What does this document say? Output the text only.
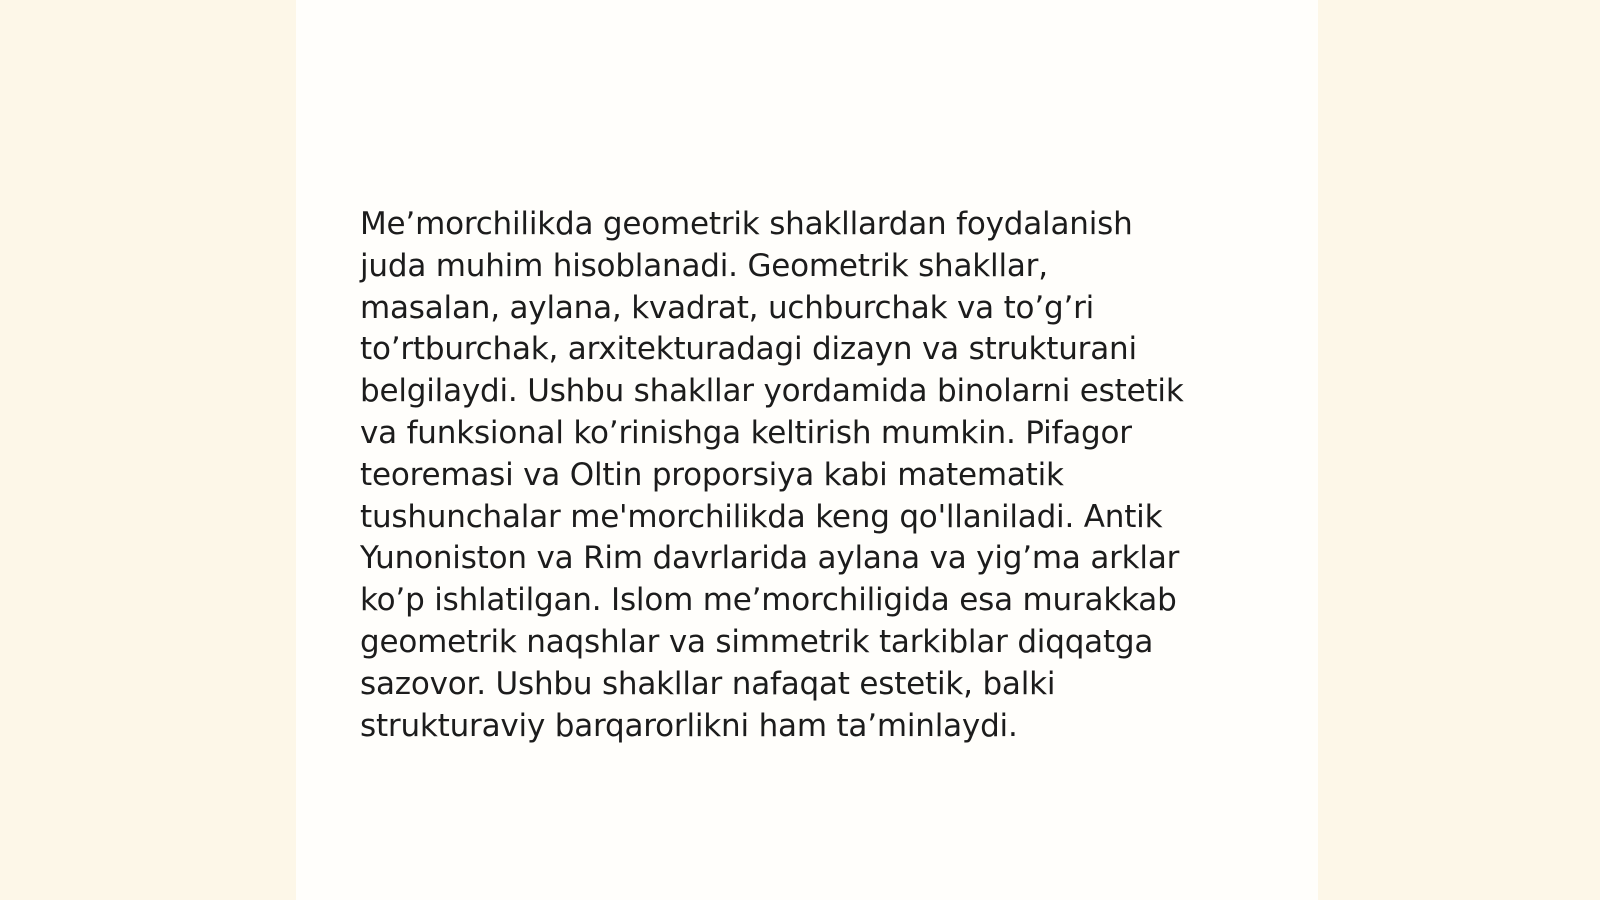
Me’morchilikda geometrik shakllardan foydalanish
juda muhim hisoblanadi. Geometrik shakllar,
masalan, aylana, kvadrat, uchburchak va to’g’ri
to’rtburchak, arxitekturadagi dizayn va strukturani
belgilaydi. Ushbu shakllar yordamida binolarni estetik
va funksional ko’rinishga keltirish mumkin. Pifagor
teoremasi va Oltin proporsiya kabi matematik
tushunchalar me'morchilikda keng qo'llaniladi. Antik
Yunoniston va Rim davrlarida aylana va yig’ma arklar
ko’p ishlatilgan. Islom me’morchiligida esa murakkab
geometrik naqshlar va simmetrik tarkiblar diqqatga
sazovor. Ushbu shakllar nafaqat estetik, balki
strukturaviy barqarorlikni ham ta’minlaydi.
